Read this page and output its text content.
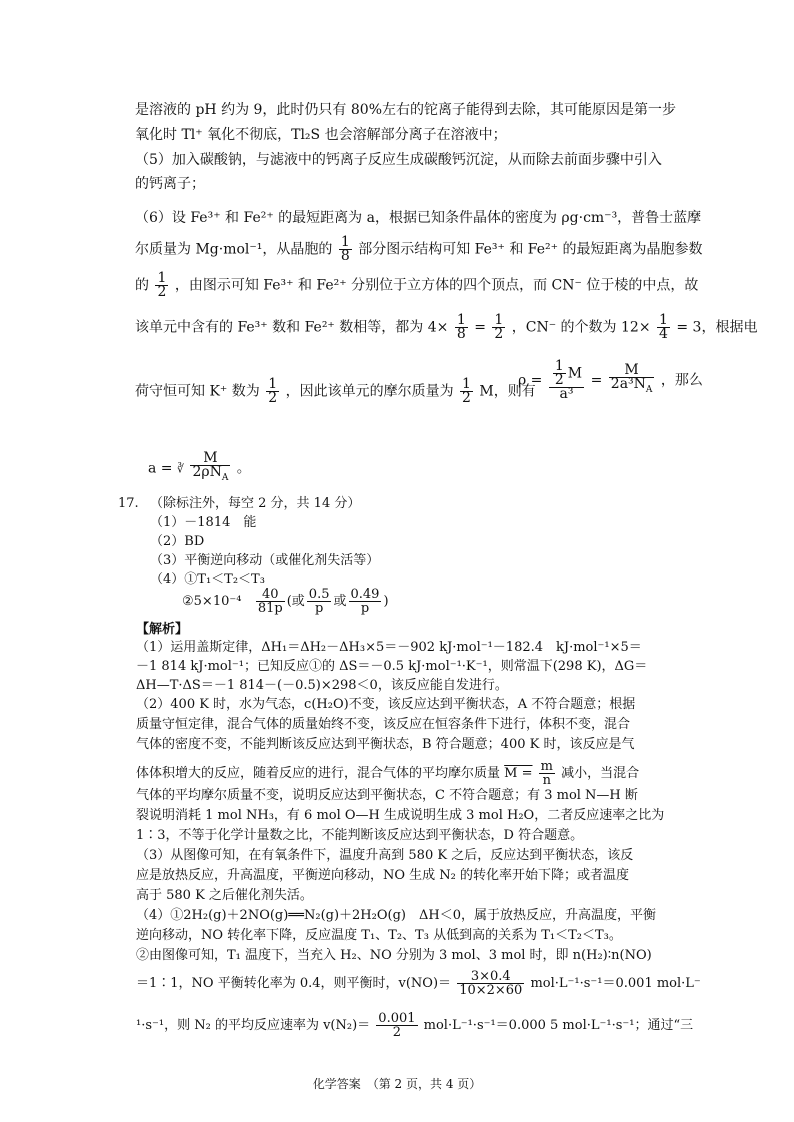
是溶液的 pH 约为 9，此时仍只有 80%左右的铊离子能得到去除，其可能原因是第一步
氧化时 Tl⁺ 氧化不彻底，Tl₂S 也会溶解部分离子在溶液中；
（5）加入碳酸钠，与滤液中的钙离子反应生成碳酸钙沉淀，从而除去前面步骤中引入
的钙离子；
（6）设 Fe³⁺ 和 Fe²⁺ 的最短距离为 a，根据已知条件晶体的密度为 ρg·cm⁻³，普鲁士蓝摩
尔质量为 Mg·mol⁻¹，从晶胞的 $\frac{1}{8}$ 部分图示结构可知 Fe³⁺ 和 Fe²⁺ 的最短距离为晶胞参数
的 $\frac{1}{2}$ ，由图示可知 Fe³⁺ 和 Fe²⁺ 分别位于立方体的四个顶点，而 CN⁻ 位于棱的中点，故
该单元中含有的 Fe³⁺ 数和 Fe²⁺ 数相等，都为 $4\times \frac{1}{8} = \frac{1}{2}$ ，CN⁻ 的个数为 $12\times \frac{1}{4} = 3$，根据电
荷守恒可知 K⁺ 数为 $\frac{1}{2}$ ，因此该单元的摩尔质量为 $\frac{1}{2}$ M，则有
$\rho = \frac{\frac{1}{2} M}{\text{a³}} = \frac{M}{2a^3N_A}$ ，那么
a = ∛ $\frac{M}{2\rho N_A}$ 。
17. （除标注外，每空 2 分，共 14 分）
（1）－1814　能
（2）BD
（3）平衡逆向移动（或催化剂失活等）
（4）①T₁＜T₂＜T₃
②5×10⁻⁴ $\frac{40}{81p}$ (或 $\frac{0.5}{p}$ 或 $\frac{0.49}{p}$ )
【解析】
（1）运用盖斯定律，ΔH₁＝ΔH₂－ΔH₃×5＝－902 kJ·mol⁻¹－182.4　kJ·mol⁻¹×5＝
－1 814 kJ·mol⁻¹；已知反应①的 ΔS＝－0.5 kJ·mol⁻¹·K⁻¹，则常温下(298 K)，ΔG＝
ΔH—T·ΔS＝－1 814－(－0.5)×298＜0，该反应能自发进行。
（2）400 K 时，水为气态，c(H₂O)不变，该反应达到平衡状态，A 不符合题意；根据
质量守恒定律，混合气体的质量始终不变，该反应在恒容条件下进行，体积不变，混合
气体的密度不变，不能判断该反应达到平衡状态，B 符合题意；400 K 时，该反应是气
体体积增大的反应，随着反应的进行，混合气体的平均摩尔质量 $M = \frac{m}{n}$ 减小，当混合
气体的平均摩尔质量不变，说明反应达到平衡状态，C 不符合题意；有 3 mol N—H 断
裂说明消耗 1 mol NH₃，有 6 mol O—H 生成说明生成 3 mol H₂O，二者反应速率之比为
1∶3，不等于化学计量数之比，不能判断该反应达到平衡状态，D 符合题意。
（3）从图像可知，在有氧条件下，温度升高到 580 K 之后，反应达到平衡状态，该反
应是放热反应，升高温度，平衡逆向移动，NO 生成 N₂ 的转化率开始下降；或者温度
高于 580 K 之后催化剂失活。
（4）①2H₂(g)＋2NO(g)══N₂(g)＋2H₂O(g)　ΔH＜0，属于放热反应，升高温度，平衡
逆向移动，NO 转化率下降，反应温度 T₁、T₂、T₃ 从低到高的关系为 T₁＜T₂＜T₃。
②由图像可知，T₁ 温度下，当充入 H₂、NO 分别为 3 mol、3 mol 时，即 n(H₂)∶n(NO)
＝1∶1，NO 平衡转化率为 0.4，则平衡时，$v(NO)= \frac{3\times 0.4}{10\times 2\times 60} mol\cdot L^{-1}\cdot s^{-1}=0.001$ mol·L⁻
¹·s⁻¹，则 N₂ 的平均反应速率为 $v(N_2)= \frac{0.001}{2} mol\cdot L^{-1}\cdot s^{-1}=0.000$ 5 mol·L⁻¹·s⁻¹；通过“三
化学答案　（第 2 页，共 4 页）
